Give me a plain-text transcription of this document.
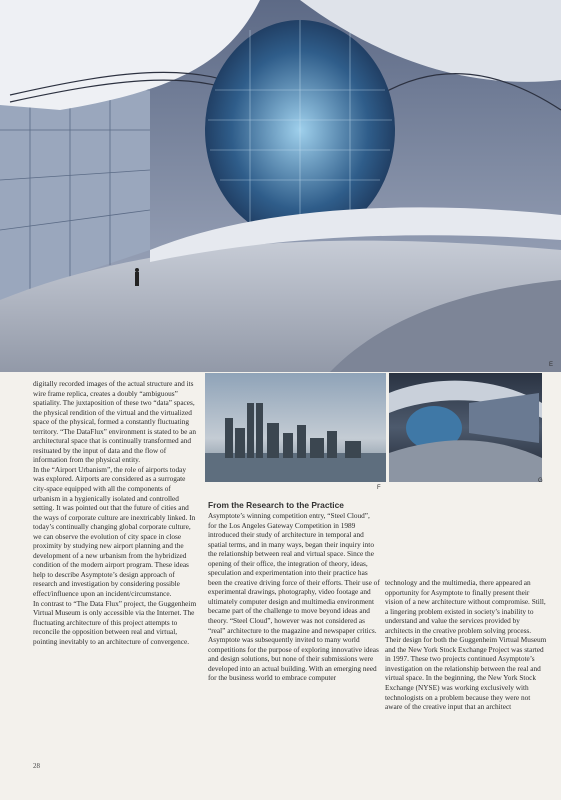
E
F
G

digitally recorded images of the actual structure and its wire frame replica, creates a doubly “ambiguous” spatiality. The juxtaposition of these two “data” spaces, the physical rendition of the virtual and the virtualized space of the physical, formed a constantly fluctuating territory. “The DataFlux” environment is stated to be an architectural space that is continually transformed and resituated by the input of data and the flow of information from the physical entity.

In the “Airport Urbanism”, the role of airports today was explored. Airports are considered as a surrogate city-space equipped with all the components of urbanism in a hygienically isolated and controlled setting. It was pointed out that the future of cities and the ways of corporate culture are inextricably linked. In today’s continually changing global corporate culture, we can observe the evolution of city space in close proximity by studying new airport planning and the development of a new urbanism from the hybridized condition of the modern airport program. These ideas help to describe Asymptote’s design approach of research and investigation by considering possible effect/influence upon an incident/circumstance.

In contrast to “The Data Flux” project, the Guggenheim Virtual Museum is only accessible via the Internet. The fluctuating architecture of this project attempts to reconcile the opposition between real and virtual, pointing inevitably to an architecture of convergence.

From the Research to the Practice

Asymptote’s winning competition entry, “Steel Cloud”, for the Los Angeles Gateway Competition in 1989 introduced their study of architecture in temporal and spatial terms, and in many ways, began their inquiry into the relationship between real and virtual space. Since the opening of their office, the integration of theory, ideas, speculation and experimentation into their practice has been the creative driving force of their efforts. Their use of experimental drawings, photography, video footage and ultimately computer design and multimedia environment became part of the challenge to move beyond ideas and theory. “Steel Cloud”, however was not considered as “real” architecture to the magazine and newspaper critics. Asymptote was subsequently invited to many world competitions for the purpose of exploring innovative ideas and design solutions, but none of their submissions were developed into an actual building. With an emerging need for the business world to embrace computer

technology and the multimedia, there appeared an opportunity for Asymptote to finally present their vision of a new architecture without compromise. Still, a lingering problem existed in society’s inability to understand and value the services provided by architects in the creative problem solving process.

Their design for both the Guggenheim Virtual Museum and the New York Stock Exchange Project was started in 1997. These two projects continued Asymptote’s investigation on the relationship between the real and virtual space. In the beginning, the New York Stock Exchange (NYSE) was working exclusively with technologists on a problem because they were not aware of the creative input that an architect

28
